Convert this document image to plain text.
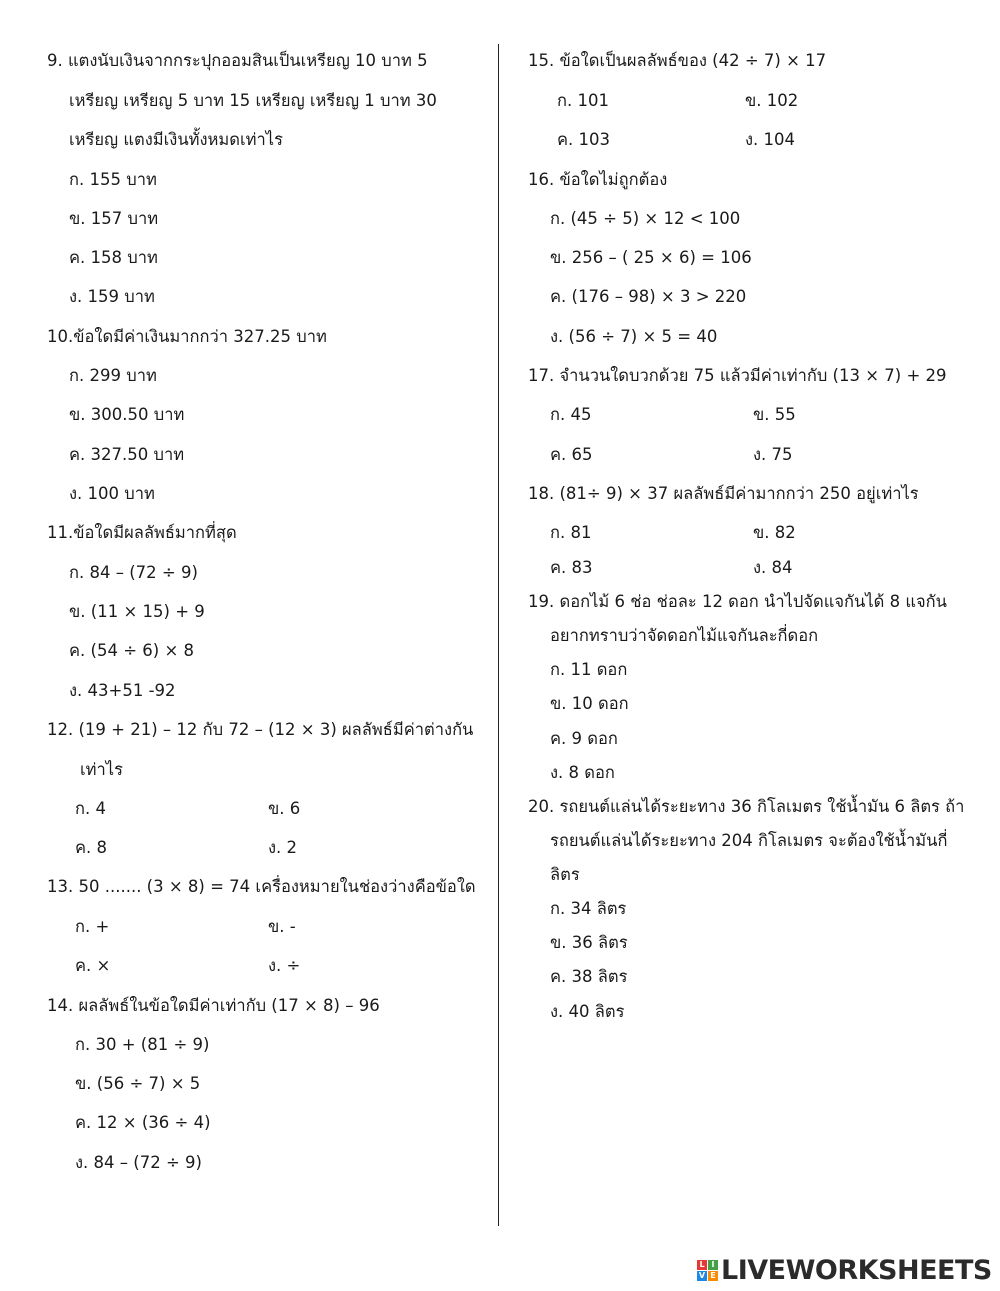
9. แตงนับเงินจากกระปุกออมสินเป็นเหรียญ 10 บาท 5
เหรียญ เหรียญ 5 บาท 15 เหรียญ เหรียญ 1 บาท 30
เหรียญ แตงมีเงินทั้งหมดเท่าไร
ก. 155 บาท
ข. 157 บาท
ค. 158 บาท
ง. 159 บาท
10.ข้อใดมีค่าเงินมากกว่า 327.25 บาท
ก. 299 บาท
ข. 300.50 บาท
ค. 327.50 บาท
ง. 100 บาท
11.ข้อใดมีผลลัพธ์มากที่สุด
ก. 84 – (72 ÷ 9)
ข. (11 × 15) + 9
ค. (54 ÷ 6) × 8
ง. 43+51 -92
12. (19 + 21) – 12 กับ 72 – (12 × 3) ผลลัพธ์มีค่าต่างกัน
เท่าไร
ก. 4	ข. 6
ค. 8	ง. 2
13. 50 ....... (3 × 8) = 74 เครื่องหมายในช่องว่างคือข้อใด
ก. +	ข. -
ค. ×	ง. ÷
14. ผลลัพธ์ในข้อใดมีค่าเท่ากับ (17 × 8) – 96
ก. 30 + (81 ÷ 9)
ข. (56 ÷ 7) × 5
ค. 12 × (36 ÷ 4)
ง. 84 – (72 ÷ 9)
15. ข้อใดเป็นผลลัพธ์ของ (42 ÷ 7) × 17
ก. 101	ข. 102
ค. 103	ง. 104
16. ข้อใดไม่ถูกต้อง
ก. (45 ÷ 5) × 12 < 100
ข. 256 – ( 25 × 6) = 106
ค. (176 – 98) × 3 > 220
ง. (56 ÷ 7) × 5 = 40
17. จำนวนใดบวกด้วย 75 แล้วมีค่าเท่ากับ (13 × 7) + 29
ก. 45	ข. 55
ค. 65	ง. 75
18. (81÷ 9) × 37 ผลลัพธ์มีค่ามากกว่า 250 อยู่เท่าไร
ก. 81	ข. 82
ค. 83	ง. 84
19. ดอกไม้ 6 ช่อ ช่อละ 12 ดอก นำไปจัดแจกันได้ 8 แจกัน
อยากทราบว่าจัดดอกไม้แจกันละกี่ดอก
ก. 11 ดอก
ข. 10 ดอก
ค. 9 ดอก
ง. 8 ดอก
20. รถยนต์แล่นได้ระยะทาง 36 กิโลเมตร ใช้น้ำมัน 6 ลิตร ถ้า
รถยนต์แล่นได้ระยะทาง 204 กิโลเมตร จะต้องใช้น้ำมันกี่
ลิตร
ก. 34 ลิตร
ข. 36 ลิตร
ค. 38 ลิตร
ง. 40 ลิตร
L I
V E LIVEWORKSHEETS
